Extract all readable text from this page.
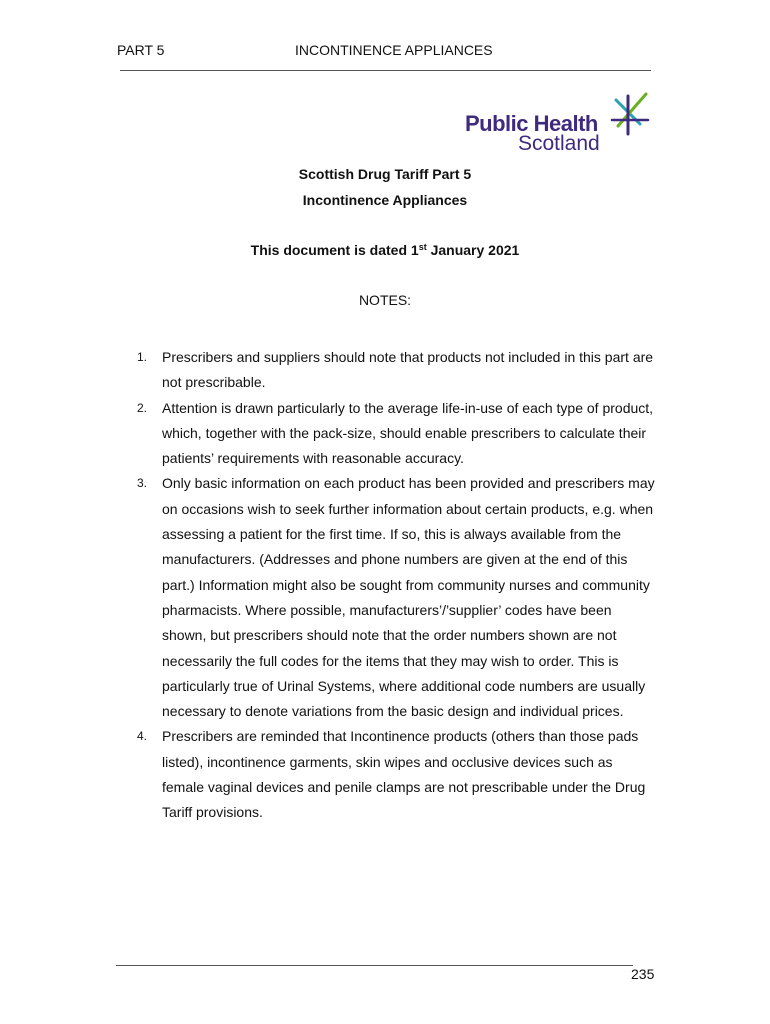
PART 5	INCONTINENCE APPLIANCES
Public Health
Scotland
Scottish Drug Tariff Part 5
Incontinence Appliances
This document is dated 1st January 2021
NOTES:
1. Prescribers and suppliers should note that products not included in this part are not prescribable.
2. Attention is drawn particularly to the average life-in-use of each type of product, which, together with the pack-size, should enable prescribers to calculate their patients’ requirements with reasonable accuracy.
3. Only basic information on each product has been provided and prescribers may on occasions wish to seek further information about certain products, e.g. when assessing a patient for the first time. If so, this is always available from the manufacturers. (Addresses and phone numbers are given at the end of this part.) Information might also be sought from community nurses and community pharmacists. Where possible, manufacturers’/’supplier’ codes have been shown, but prescribers should note that the order numbers shown are not necessarily the full codes for the items that they may wish to order. This is particularly true of Urinal Systems, where additional code numbers are usually necessary to denote variations from the basic design and individual prices.
4. Prescribers are reminded that Incontinence products (others than those pads listed), incontinence garments, skin wipes and occlusive devices such as female vaginal devices and penile clamps are not prescribable under the Drug Tariff provisions.
235
